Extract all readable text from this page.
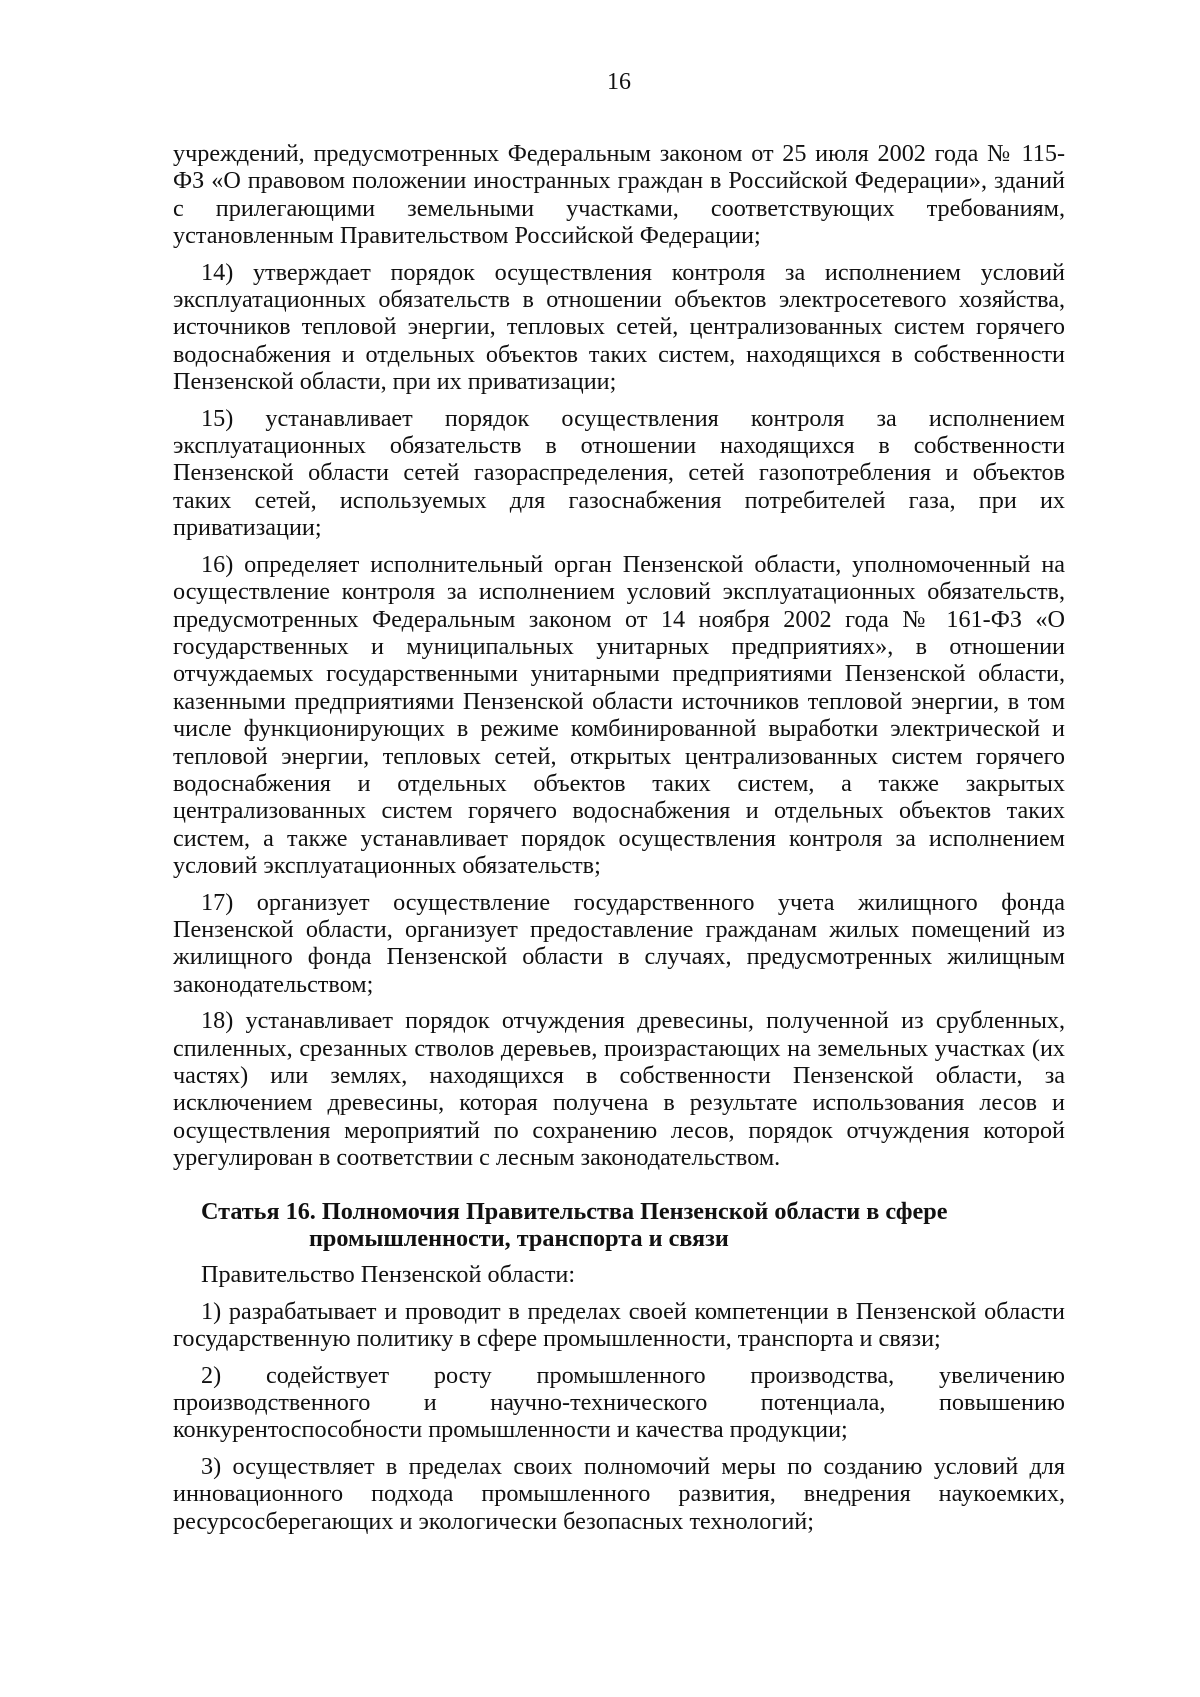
16

учреждений, предусмотренных Федеральным законом от 25 июля 2002 года № 115-ФЗ «О правовом положении иностранных граждан в Российской Федерации», зданий с прилегающими земельными участками, соответствующих требованиям, установленным Правительством Российской Федерации;

14) утверждает порядок осуществления контроля за исполнением условий эксплуатационных обязательств в отношении объектов электросетевого хозяйства, источников тепловой энергии, тепловых сетей, централизованных систем горячего водоснабжения и отдельных объектов таких систем, находящихся в собственности Пензенской области, при их приватизации;

15) устанавливает порядок осуществления контроля за исполнением эксплуатационных обязательств в отношении находящихся в собственности Пензенской области сетей газораспределения, сетей газопотребления и объектов таких сетей, используемых для газоснабжения потребителей газа, при их приватизации;

16) определяет исполнительный орган Пензенской области, уполномоченный на осуществление контроля за исполнением условий эксплуатационных обязательств, предусмотренных Федеральным законом от 14 ноября 2002 года № 161-ФЗ «О государственных и муниципальных унитарных предприятиях», в отношении отчуждаемых государственными унитарными предприятиями Пензенской области, казенными предприятиями Пензенской области источников тепловой энергии, в том числе функционирующих в режиме комбинированной выработки электрической и тепловой энергии, тепловых сетей, открытых централизованных систем горячего водоснабжения и отдельных объектов таких систем, а также закрытых централизованных систем горячего водоснабжения и отдельных объектов таких систем, а также устанавливает порядок осуществления контроля за исполнением условий эксплуатационных обязательств;

17) организует осуществление государственного учета жилищного фонда Пензенской области, организует предоставление гражданам жилых помещений из жилищного фонда Пензенской области в случаях, предусмотренных жилищным законодательством;

18) устанавливает порядок отчуждения древесины, полученной из срубленных, спиленных, срезанных стволов деревьев, произрастающих на земельных участках (их частях) или землях, находящихся в собственности Пензенской области, за исключением древесины, которая получена в результате использования лесов и осуществления мероприятий по сохранению лесов, порядок отчуждения которой урегулирован в соответствии с лесным законодательством.

Статья 16. Полномочия Правительства Пензенской области в сфере
промышленности, транспорта и связи

Правительство Пензенской области:

1) разрабатывает и проводит в пределах своей компетенции в Пензенской области государственную политику в сфере промышленности, транспорта и связи;

2) содействует росту промышленного производства, увеличению производственного и научно-технического потенциала, повышению конкурентоспособности промышленности и качества продукции;

3) осуществляет в пределах своих полномочий меры по созданию условий для инновационного подхода промышленного развития, внедрения наукоемких, ресурсосберегающих и экологически безопасных технологий;
